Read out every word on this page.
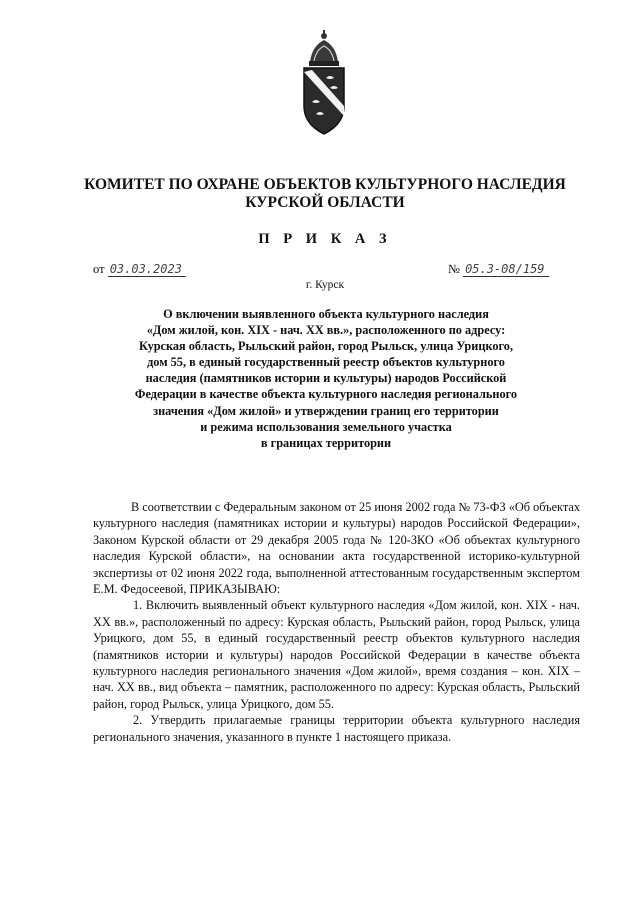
КОМИТЕТ ПО ОХРАНЕ ОБЪЕКТОВ КУЛЬТУРНОГО НАСЛЕДИЯ
КУРСКОЙ ОБЛАСТИ
П Р И К А З
от 03.03.2023	№ 05.3-08/159
г. Курск
О включении выявленного объекта культурного наследия
«Дом жилой, кон. XIX - нач. XX вв.», расположенного по адресу:
Курская область, Рыльский район, город Рыльск, улица Урицкого,
дом 55, в единый государственный реестр объектов культурного
наследия (памятников истории и культуры) народов Российской
Федерации в качестве объекта культурного наследия регионального
значения «Дом жилой» и утверждении границ его территории
и режима использования земельного участка
в границах территории

В соответствии с Федеральным законом от 25 июня 2002 года № 73-ФЗ «Об объектах культурного наследия (памятниках истории и культуры) народов Российской Федерации», Законом Курской области от 29 декабря 2005 года № 120-ЗКО «Об объектах культурного наследия Курской области», на основании акта государственной историко-культурной экспертизы от 02 июня 2022 года, выполненной аттестованным государственным экспертом Е.М. Федосеевой, ПРИКАЗЫВАЮ:

1. Включить выявленный объект культурного наследия «Дом жилой, кон. XIX - нач. XX вв.», расположенный по адресу: Курская область, Рыльский район, город Рыльск, улица Урицкого, дом 55, в единый государственный реестр объектов культурного наследия (памятников истории и культуры) народов Российской Федерации в качестве объекта культурного наследия регионального значения «Дом жилой», время создания – кон. XIX – нач. XX вв., вид объекта – памятник, расположенного по адресу: Курская область, Рыльский район, город Рыльск, улица Урицкого, дом 55.

2. Утвердить прилагаемые границы территории объекта культурного наследия регионального значения, указанного в пункте 1 настоящего приказа.
